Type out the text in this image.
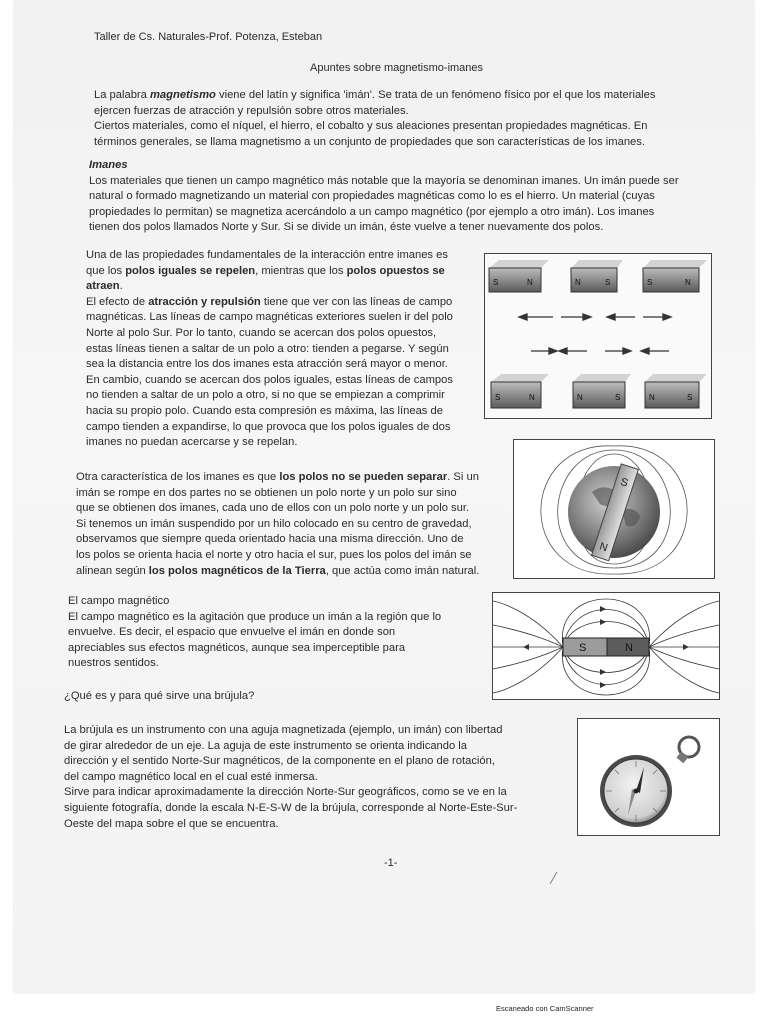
Taller de Cs. Naturales-Prof. Potenza, Esteban

Apuntes sobre magnetismo-imanes

La palabra magnetismo viene del latín y significa 'imán'. Se trata de un fenómeno físico por el que los materiales
ejercen fuerzas de atracción y repulsión sobre otros materiales.
Ciertos materiales, como el níquel, el hierro, el cobalto y sus aleaciones presentan propiedades magnéticas. En
términos generales, se llama magnetismo a un conjunto de propiedades que son características de los imanes.
Imanes
Los materiales que tienen un campo magnético más notable que la mayoría se denominan imanes. Un imán puede ser
natural o formado magnetizando un material con propiedades magnéticas como lo es el hierro. Un material (cuyas
propiedades lo permitan) se magnetiza acercándolo a un campo magnético (por ejemplo a otro imán). Los imanes
tienen dos polos llamados Norte y Sur. Si se divide un imán, éste vuelve a tener nuevamente dos polos.
Una de las propiedades fundamentales de la interacción entre imanes es
que los polos iguales se repelen, mientras que los polos opuestos se
atraen.
El efecto de atracción y repulsión tiene que ver con las líneas de campo
magnéticas. Las líneas de campo magnéticas exteriores suelen ir del polo
Norte al polo Sur. Por lo tanto, cuando se acercan dos polos opuestos,
estas líneas tienen a saltar de un polo a otro: tienden a pegarse. Y según
sea la distancia entre los dos imanes esta atracción será mayor o menor.
En cambio, cuando se acercan dos polos iguales, estas líneas de campos
no tienden a saltar de un polo a otro, si no que se empiezan a comprimir
hacia su propio polo. Cuando esta compresión es máxima, las líneas de
campo tienden a expandirse, lo que provoca que los polos iguales de dos
imanes no puedan acercarse y se repelan.
S	N	N	S	S	N
S	N	N	S	N	S
Otra característica de los imanes es que los polos no se pueden separar. Si un
imán se rompe en dos partes no se obtienen un polo norte y un polo sur sino
que se obtienen dos imanes, cada uno de ellos con un polo norte y un polo sur.
Si tenemos un imán suspendido por un hilo colocado en su centro de gravedad,
observamos que siempre queda orientado hacia una misma dirección. Uno de
los polos se orienta hacia el norte y otro hacia el sur, pues los polos del imán se
alinean según los polos magnéticos de la Tierra, que actúa como imán natural.
S
N
El campo magnético
El campo magnético es la agitación que produce un imán a la región que lo
envuelve. Es decir, el espacio que envuelve el imán en donde son
apreciables sus efectos magnéticos, aunque sea imperceptible para
nuestros sentidos.
S	N
¿Qué es y para qué sirve una brújula?
La brújula es un instrumento con una aguja magnetizada (ejemplo, un imán) con libertad
de girar alrededor de un eje. La aguja de este instrumento se orienta indicando la
dirección y el sentido Norte-Sur magnéticos, de la componente en el plano de rotación,
del campo magnético local en el cual esté inmersa.
Sirve para indicar aproximadamente la dirección Norte-Sur geográficos, como se ve en la
siguiente fotografía, donde la escala N-E-S-W de la brújula, corresponde al Norte-Este-Sur-
Oeste del mapa sobre el que se encuentra.

-1-

Escaneado con CamScanner
